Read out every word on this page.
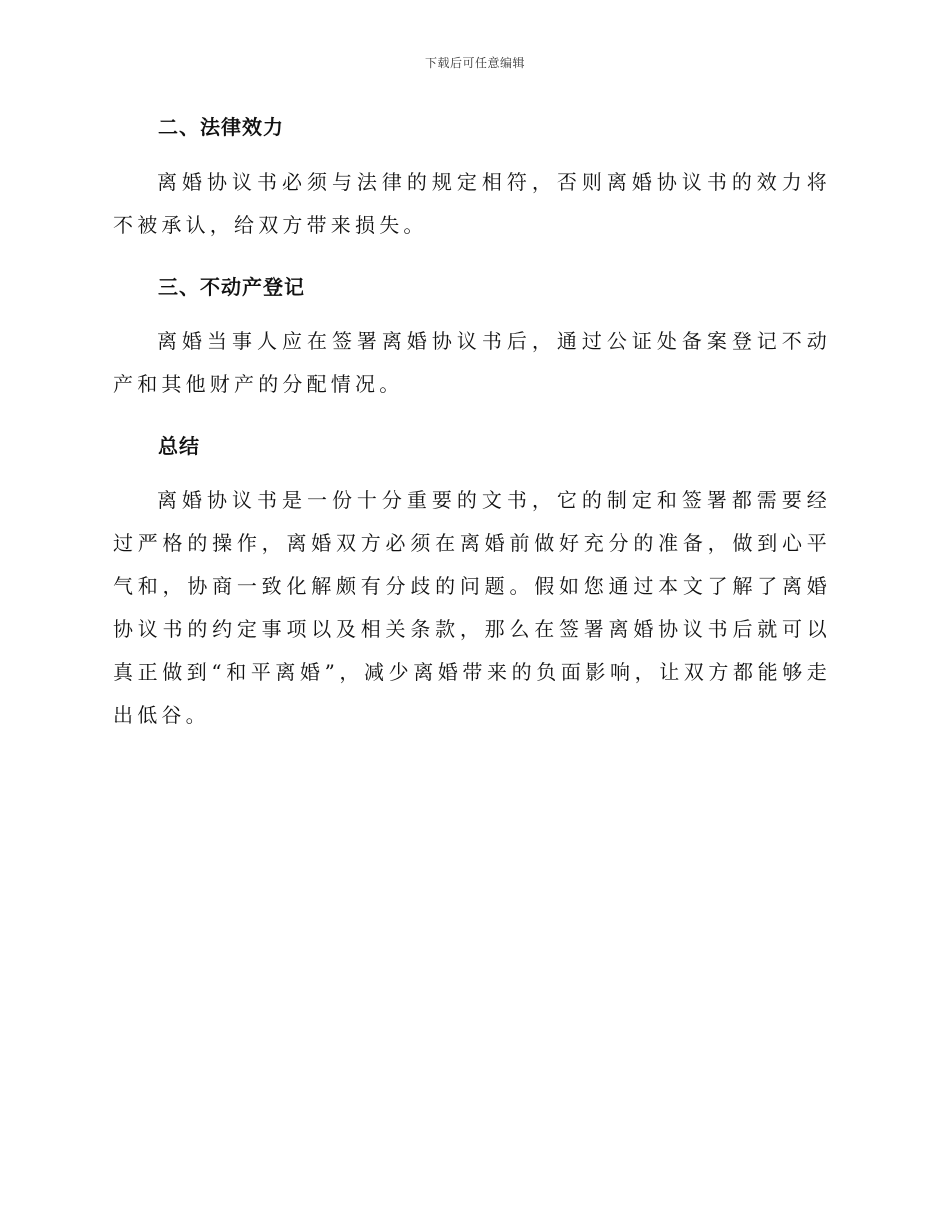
下载后可任意编辑
二、法律效力
离婚协议书必须与法律的规定相符，否则离婚协议书的效力将不被承认，给双方带来损失。
三、不动产登记
离婚当事人应在签署离婚协议书后，通过公证处备案登记不动产和其他财产的分配情况。
总结
离婚协议书是一份十分重要的文书，它的制定和签署都需要经过严格的操作，离婚双方必须在离婚前做好充分的准备，做到心平气和，协商一致化解颇有分歧的问题。假如您通过本文了解了离婚协议书的约定事项以及相关条款，那么在签署离婚协议书后就可以真正做到“和平离婚”，减少离婚带来的负面影响，让双方都能够走出低谷。
